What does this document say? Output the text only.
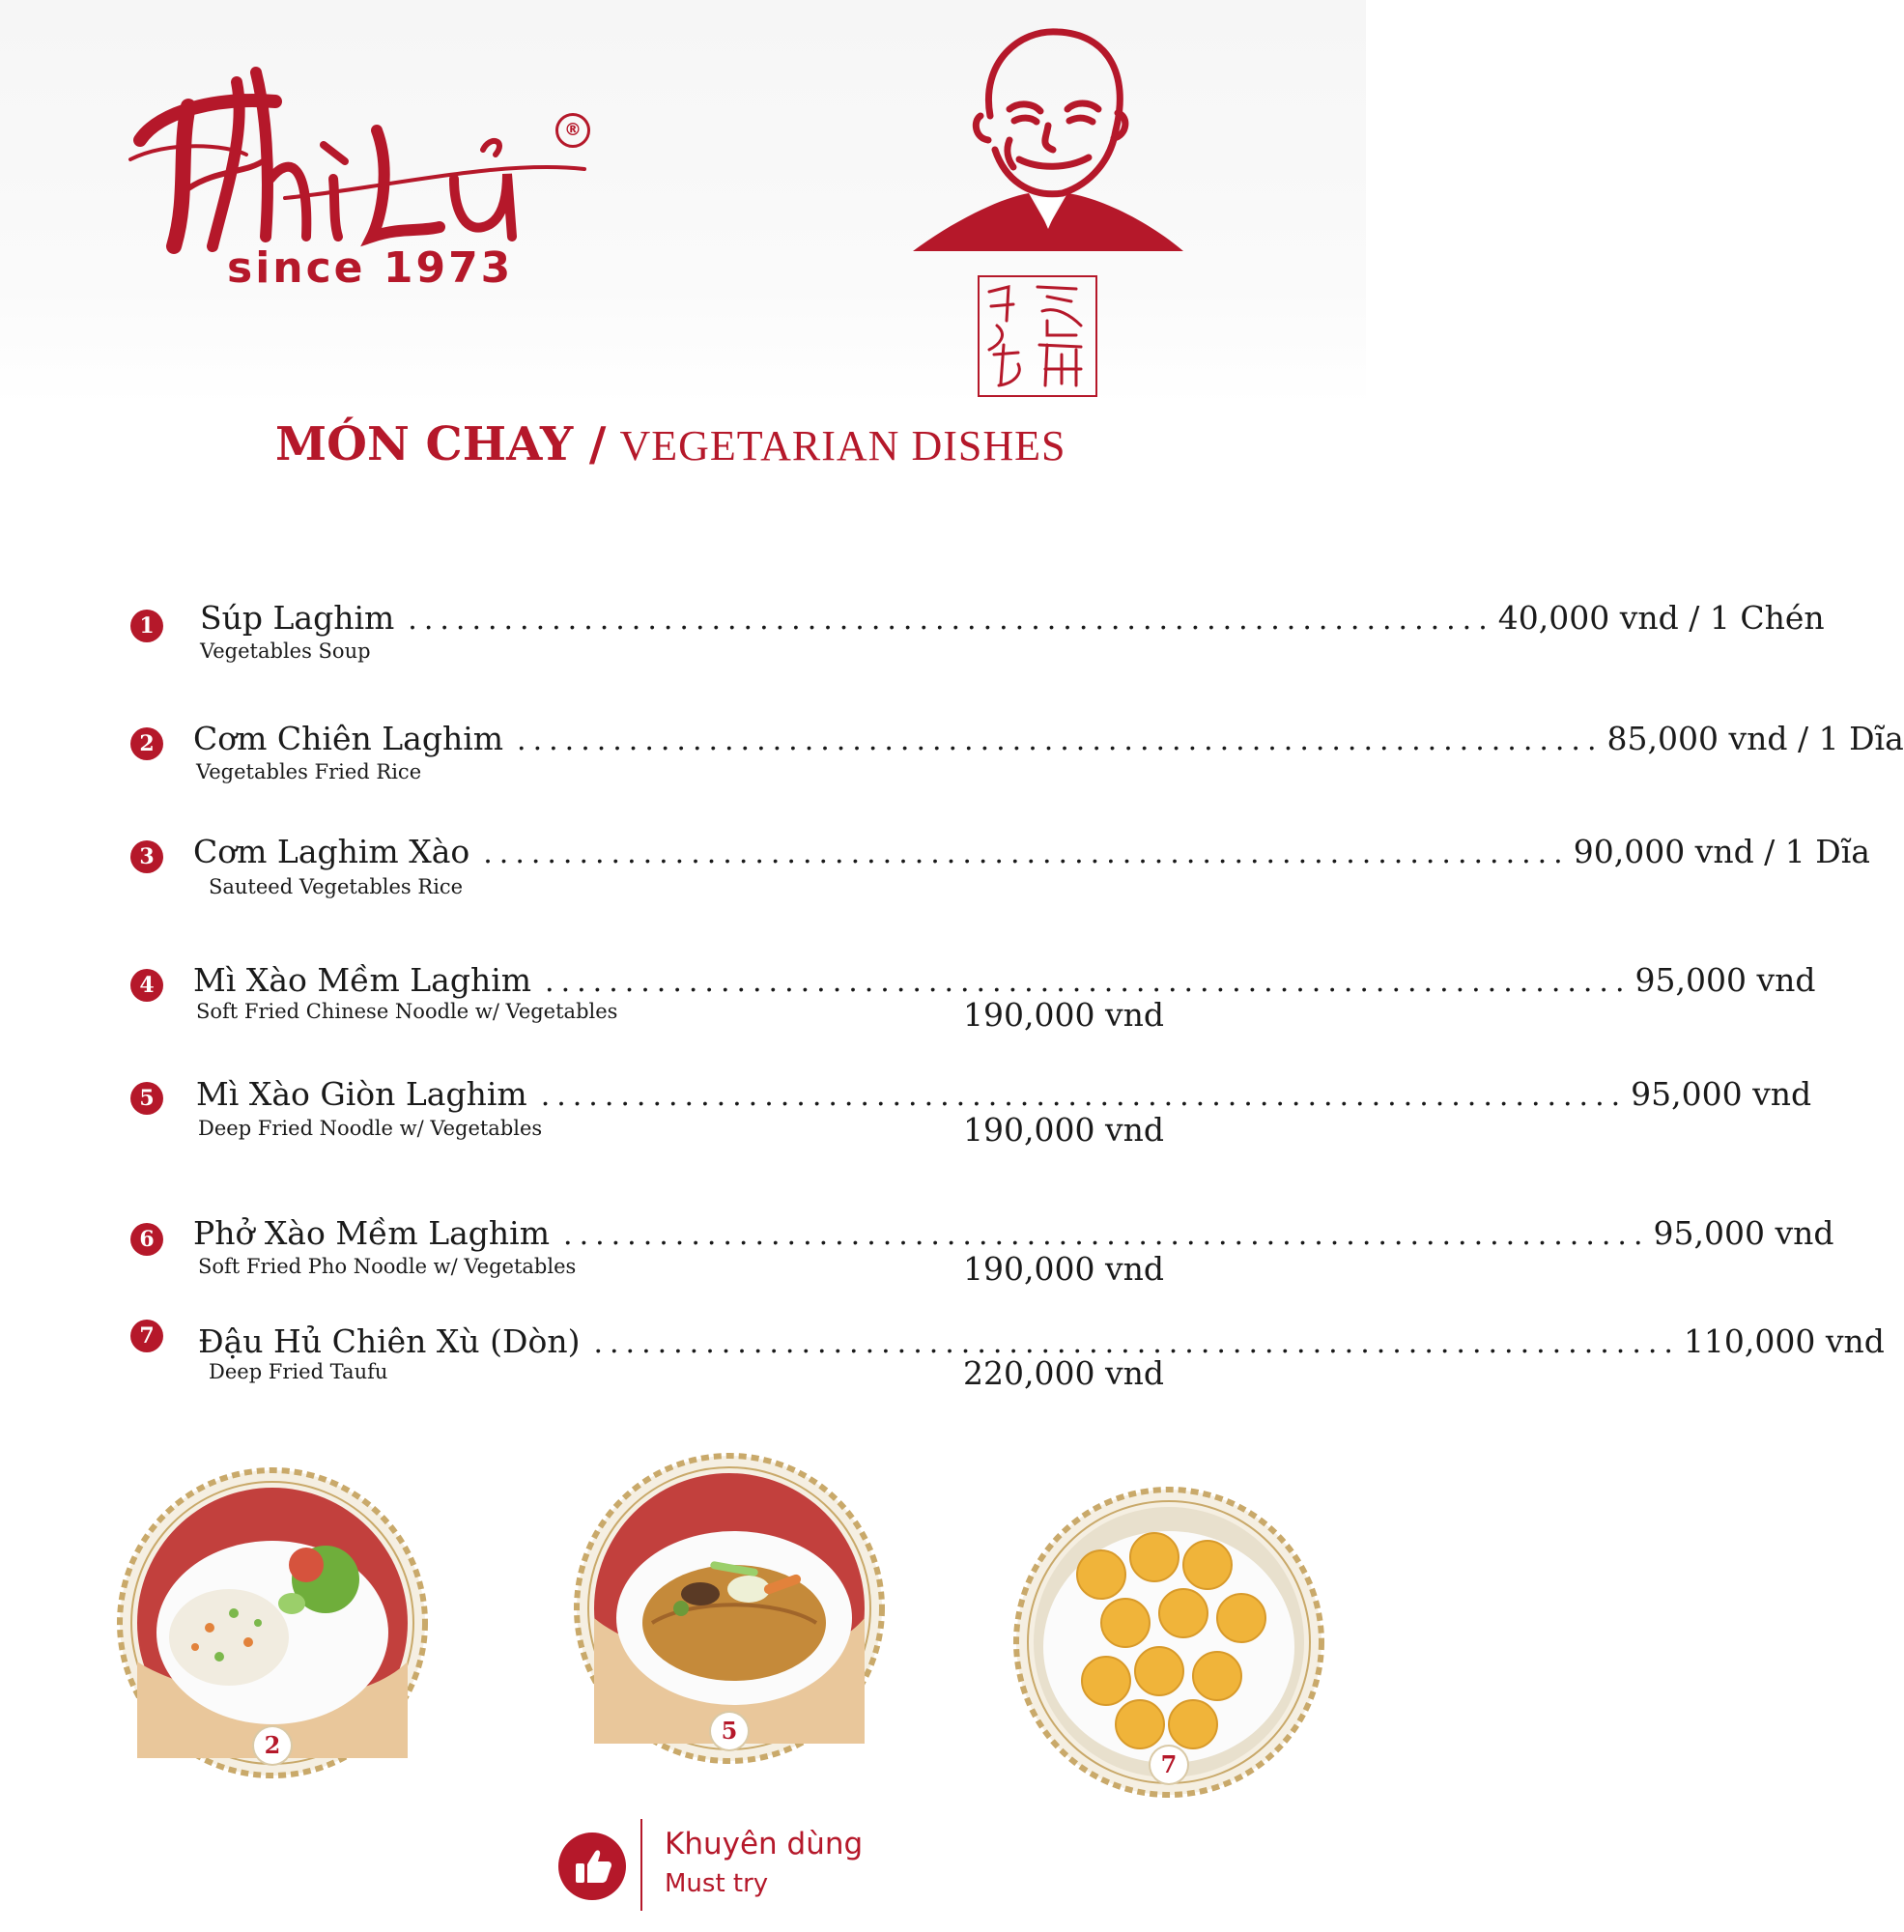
®
since 1973
MÓN CHAY / VEGETARIAN DISHES
1 Súp Laghim .................................................................... 40,000 vnd / 1 Chén
Vegetables Soup
2 Cơm Chiên Laghim .................................................................... 85,000 vnd / 1 Dĩa
Vegetables Fried Rice
3 Cơm Laghim Xào .................................................................... 90,000 vnd / 1 Dĩa
Sauteed Vegetables Rice
4 Mì Xào Mềm Laghim .................................................................... 95,000 vnd
190,000 vnd
Soft Fried Chinese Noodle w/ Vegetables
5 Mì Xào Giòn Laghim .................................................................... 95,000 vnd
190,000 vnd
Deep Fried Noodle w/ Vegetables
6 Phở Xào Mềm Laghim .................................................................... 95,000 vnd
190,000 vnd
Soft Fried Pho Noodle w/ Vegetables
7 Đậu Hủ Chiên Xù (Dòn) .................................................................... 110,000 vnd
220,000 vnd
Deep Fried Taufu
2
5
7
Khuyên dùng
Must try
